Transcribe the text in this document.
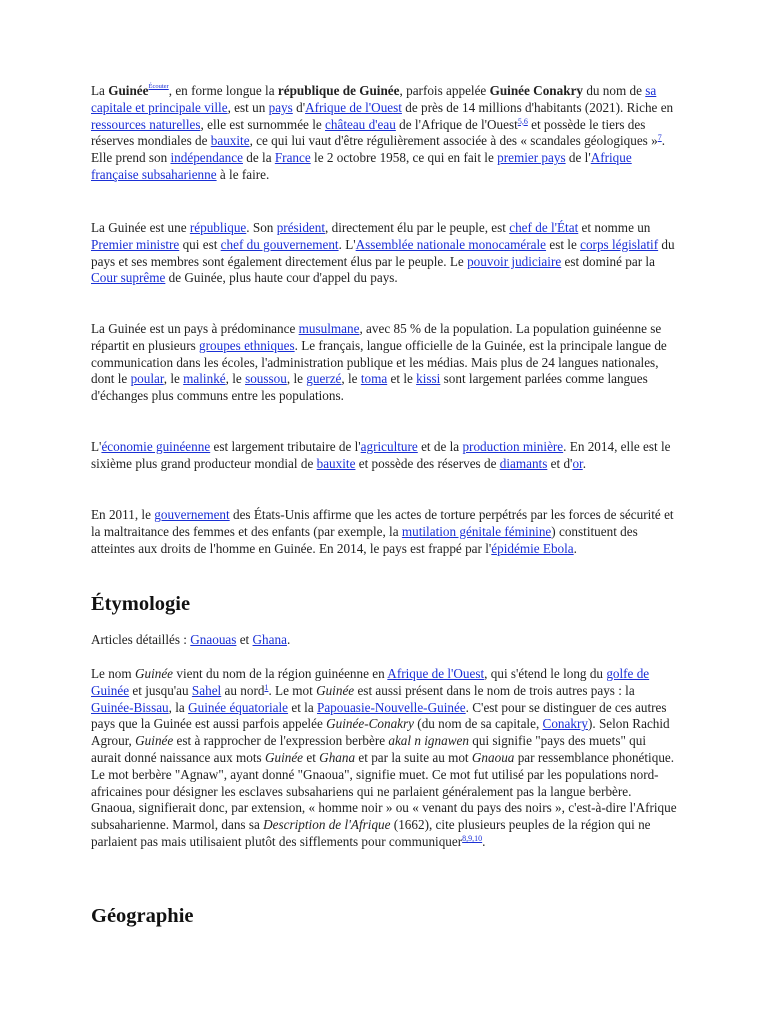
La Guinée$^{Écouter}$, en forme longue la république de Guinée, parfois appelée Guinée Conakry du nom de sa capitale et principale ville, est un pays d'Afrique de l'Ouest de près de 14 millions d'habitants (2021). Riche en ressources naturelles, elle est surnommée le château d'eau de l'Afrique de l'Ouest$^{5,6}$ et possède le tiers des réserves mondiales de bauxite, ce qui lui vaut d'être régulièrement associée à des « scandales géologiques »$^7$. Elle prend son indépendance de la France le 2 octobre 1958, ce qui en fait le premier pays de l'Afrique française subsaharienne à le faire.

La Guinée est une république. Son président, directement élu par le peuple, est chef de l'État et nomme un Premier ministre qui est chef du gouvernement. L'Assemblée nationale monocamérale est le corps législatif du pays et ses membres sont également directement élus par le peuple. Le pouvoir judiciaire est dominé par la Cour suprême de Guinée, plus haute cour d'appel du pays.

La Guinée est un pays à prédominance musulmane, avec 85 % de la population. La population guinéenne se répartit en plusieurs groupes ethniques. Le français, langue officielle de la Guinée, est la principale langue de communication dans les écoles, l'administration publique et les médias. Mais plus de 24 langues nationales, dont le poular, le malinké, le soussou, le guerzé, le toma et le kissi sont largement parlées comme langues d'échanges plus communs entre les populations.

L'économie guinéenne est largement tributaire de l'agriculture et de la production minière. En 2014, elle est le sixième plus grand producteur mondial de bauxite et possède des réserves de diamants et d'or.

En 2011, le gouvernement des États-Unis affirme que les actes de torture perpétrés par les forces de sécurité et la maltraitance des femmes et des enfants (par exemple, la mutilation génitale féminine) constituent des atteintes aux droits de l'homme en Guinée. En 2014, le pays est frappé par l'épidémie Ebola.

Étymologie

Articles détaillés : Gnaouas et Ghana.

Le nom Guinée vient du nom de la région guinéenne en Afrique de l'Ouest, qui s'étend le long du golfe de Guinée et jusqu'au Sahel au nord$^1$. Le mot Guinée est aussi présent dans le nom de trois autres pays : la Guinée-Bissau, la Guinée équatoriale et la Papouasie-Nouvelle-Guinée. C'est pour se distinguer de ces autres pays que la Guinée est aussi parfois appelée Guinée-Conakry (du nom de sa capitale, Conakry). Selon Rachid Agrour, Guinée est à rapprocher de l'expression berbère akal n ignawen qui signifie "pays des muets" qui aurait donné naissance aux mots Guinée et Ghana et par la suite au mot Gnaoua par ressemblance phonétique. Le mot berbère "Agnaw", ayant donné "Gnaoua", signifie muet. Ce mot fut utilisé par les populations nord-africaines pour désigner les esclaves subsahariens qui ne parlaient généralement pas la langue berbère. Gnaoua, signifierait donc, par extension, « homme noir » ou « venant du pays des noirs », c'est-à-dire l'Afrique subsaharienne. Marmol, dans sa Description de l'Afrique (1662), cite plusieurs peuples de la région qui ne parlaient pas mais utilisaient plutôt des sifflements pour communiquer$^{8,9,10}$.

Géographie
